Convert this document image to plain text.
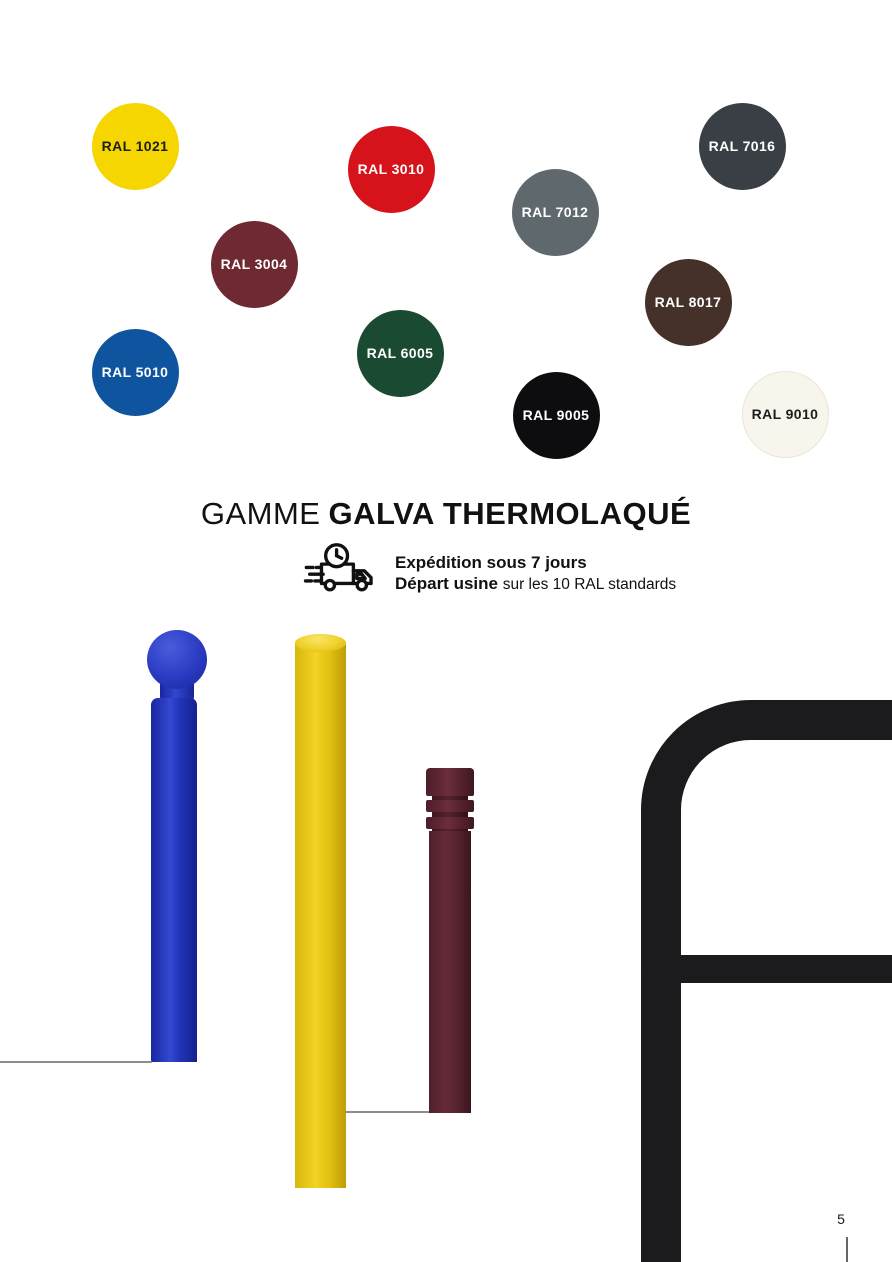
RAL 1021
RAL 3010
RAL 3004
RAL 7016
RAL 7012
RAL 8017
RAL 5010
RAL 6005
RAL 9005	RAL 9010
GAMME GALVA THERMOLAQUÉ
Expédition sous 7 jours
Départ usine sur les 10 RAL standards
5
